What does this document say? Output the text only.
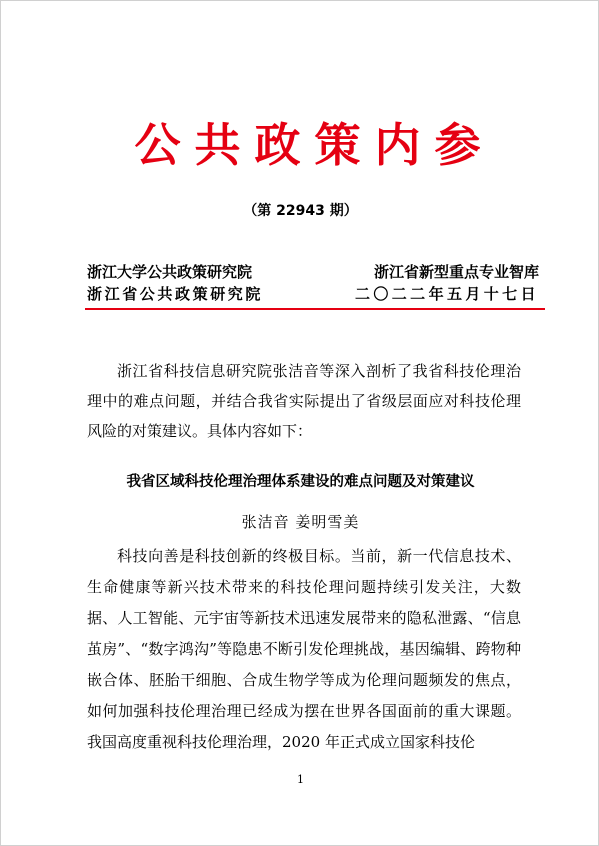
公共政策内参
（第 22943 期）
浙江大学公共政策研究院	浙江省新型重点专业智库
浙江省公共政策研究院	二〇二二年五月十七日

浙江省科技信息研究院张洁音等深入剖析了我省科技伦理治理中的难点问题，并结合我省实际提出了省级层面应对科技伦理风险的对策建议。具体内容如下：

我省区域科技伦理治理体系建设的难点问题及对策建议
张洁音 姜明雪美

科技向善是科技创新的终极目标。当前，新一代信息技术、生命健康等新兴技术带来的科技伦理问题持续引发关注，大数据、人工智能、元宇宙等新技术迅速发展带来的隐私泄露、“信息茧房”、“数字鸿沟”等隐患不断引发伦理挑战，基因编辑、跨物种嵌合体、胚胎干细胞、合成生物学等成为伦理问题频发的焦点，如何加强科技伦理治理已经成为摆在世界各国面前的重大课题。我国高度重视科技伦理治理，2020 年正式成立国家科技伦

1
